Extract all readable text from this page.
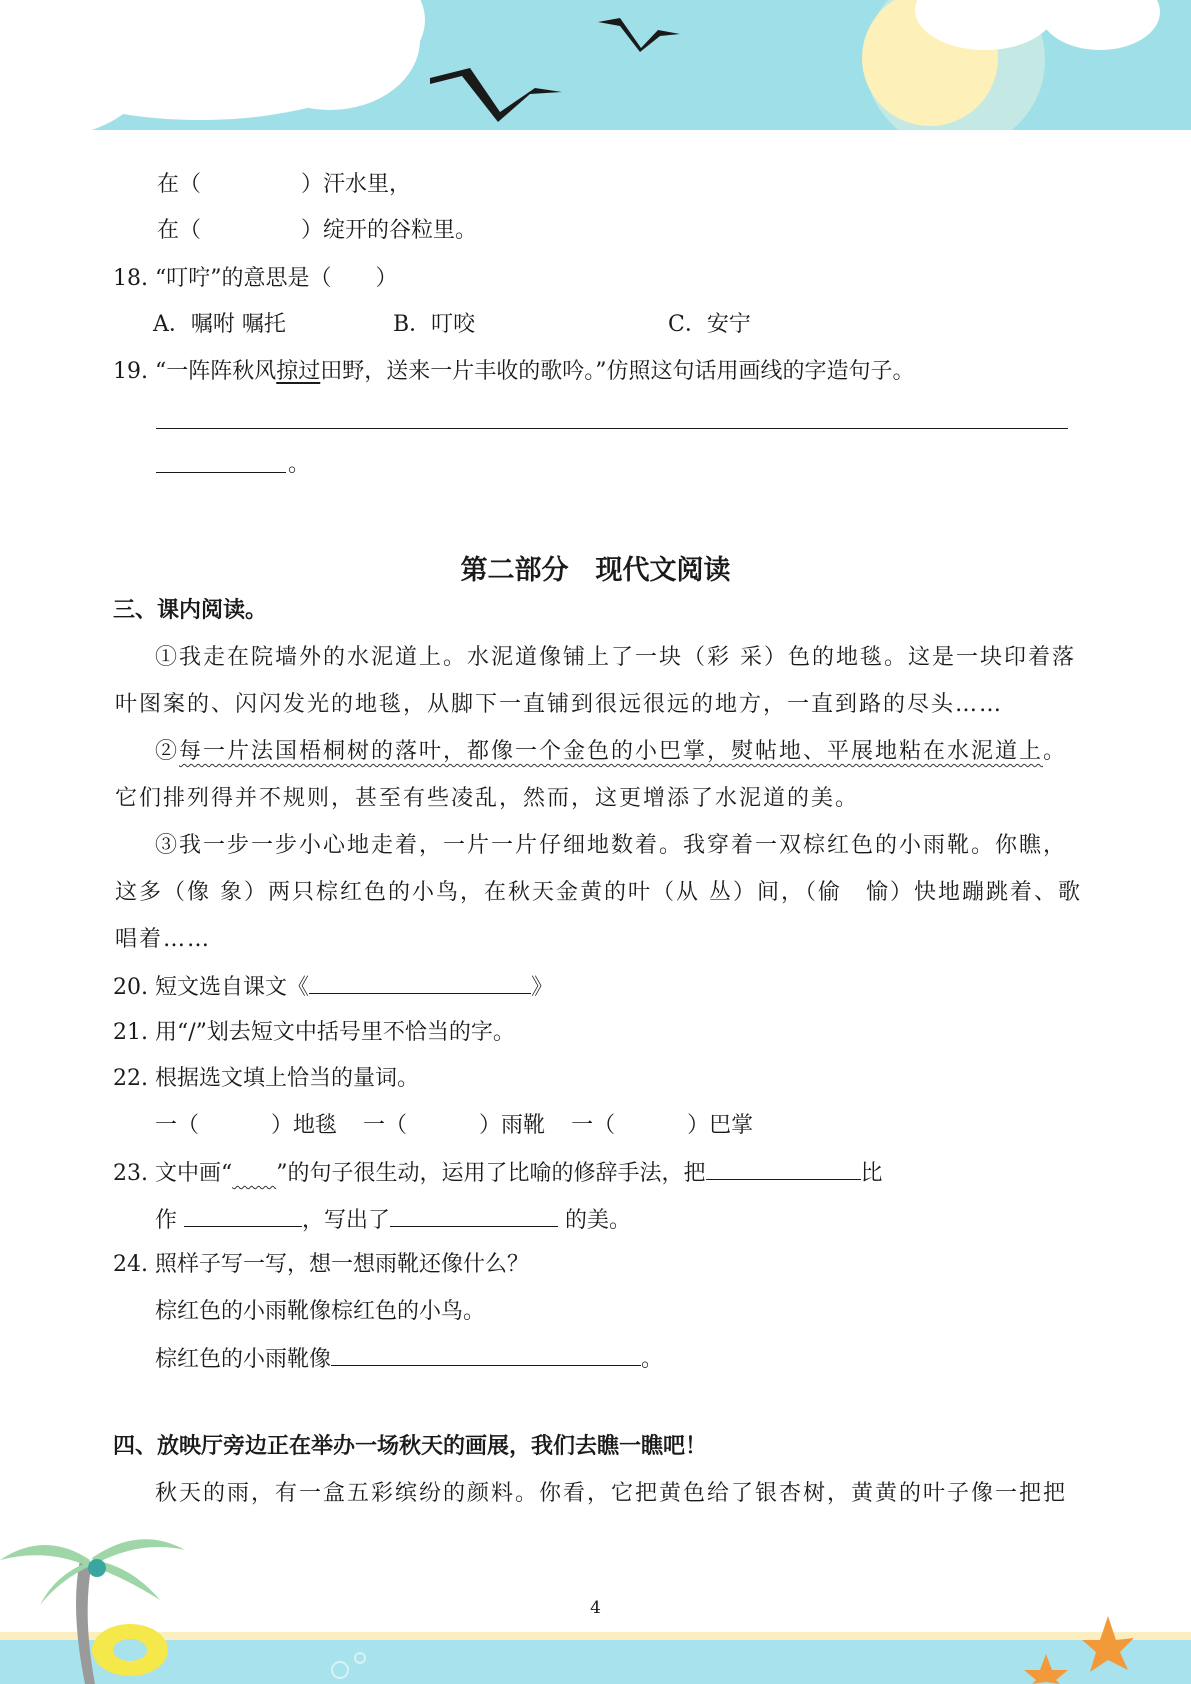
在（	）汗水里，
在（	）绽开的谷粒里。
18. “叮咛”的意思是（　　）
A．嘱咐 嘱托	B．叮咬	C．安宁
19. “一阵阵秋风掠过田野，送来一片丰收的歌吟。”仿照这句话用画线的字造句子。
。
第二部分　现代文阅读
三、课内阅读。
①我走在院墙外的水泥道上。水泥道像铺上了一块（彩 采）色的地毯。这是一块印着落
叶图案的、闪闪发光的地毯，从脚下一直铺到很远很远的地方，一直到路的尽头……
②每一片法国梧桐树的落叶，都像一个金色的小巴掌，熨帖地、平展地粘在水泥道上。
它们排列得并不规则，甚至有些凌乱，然而，这更增添了水泥道的美。
③我一步一步小心地走着，一片一片仔细地数着。我穿着一双棕红色的小雨靴。你瞧，
这多（像 象）两只棕红色的小鸟，在秋天金黄的叶（从 丛）间，（偷　愉）快地蹦跳着、歌
唱着……
20. 短文选自课文《	》
21. 用“/”划去短文中括号里不恰当的字。
22. 根据选文填上恰当的量词。
一（	）地毯 一（	）雨靴 一（	）巴掌
23. 文中画“　　 ”的句子很生动，运用了比喻的修辞手法，把	比
作	，写出了	的美。
24. 照样子写一写，想一想雨靴还像什么？
棕红色的小雨靴像棕红色的小鸟。
棕红色的小雨靴像	。
四、放映厅旁边正在举办一场秋天的画展，我们去瞧一瞧吧！
秋天的雨，有一盒五彩缤纷的颜料。你看，它把黄色给了银杏树，黄黄的叶子像一把把
4
